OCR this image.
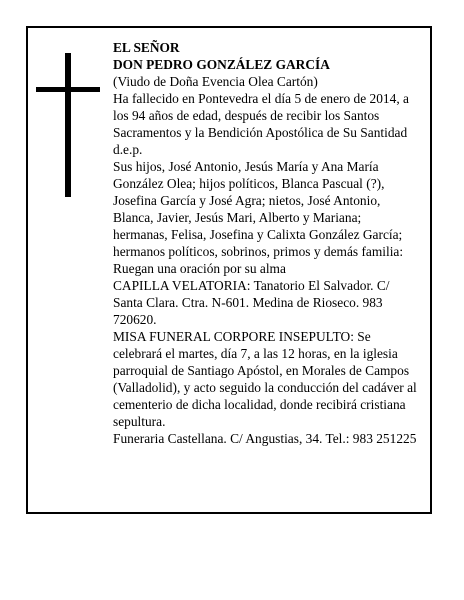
EL SEÑOR

DON PEDRO GONZÁLEZ GARCÍA

(Viudo de Doña Evencia Olea Cartón)

Ha fallecido en Pontevedra el día 5 de enero de 2014, a los 94 años de edad, después de recibir los Santos Sacramentos y la Bendición Apostólica de Su Santidad

d.e.p.

Sus hijos, José Antonio, Jesús María y Ana María González Olea; hijos políticos, Blanca Pascual (?), Josefina García y José Agra; nietos, José Antonio, Blanca, Javier, Jesús Mari, Alberto y Mariana; hermanas, Felisa, Josefina y Calixta González García; hermanos políticos, sobrinos, primos y demás familia:

Ruegan una oración por su alma

CAPILLA VELATORIA: Tanatorio El Salvador. C/ Santa Clara. Ctra. N-601. Medina de Rioseco. 983 720620.

MISA FUNERAL CORPORE INSEPULTO: Se celebrará el martes, día 7, a las 12 horas, en la iglesia parroquial de Santiago Apóstol, en Morales de Campos (Valladolid), y acto seguido la conducción del cadáver al cementerio de dicha localidad, donde recibirá cristiana sepultura.

Funeraria Castellana. C/ Angustias, 34. Tel.: 983 251225
